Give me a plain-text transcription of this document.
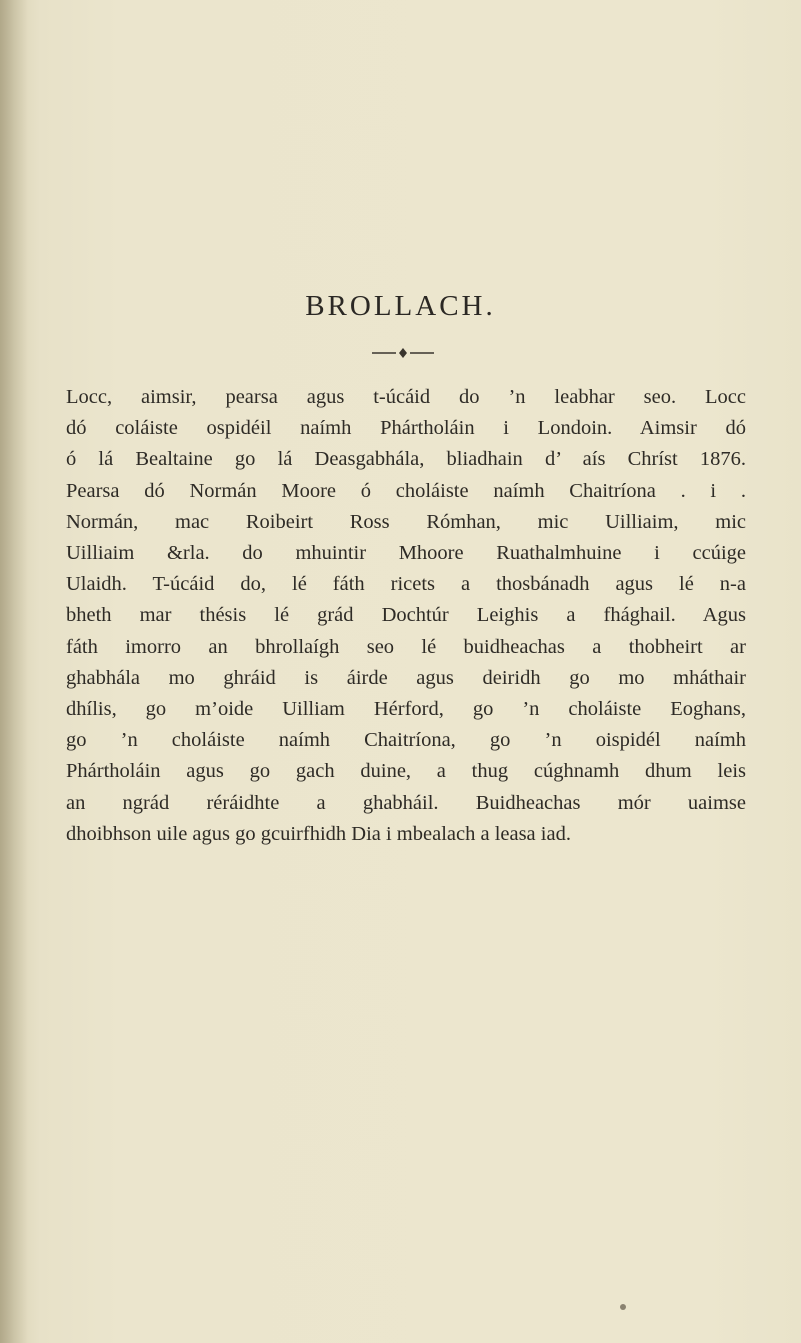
BROLLACH.
Locc, aimsir, pearsa agus t-úcáid do ’n leabhar seo. Locc
dó coláiste ospidéil naímh Phártholáin i Londoin. Aimsir dó
ó lá Bealtaine go lá Deasgabhála, bliadhain d’ aís Chríst 1876.
Pearsa dó Normán Moore ó choláiste naímh Chaitríona . i .
Normán, mac Roibeirt Ross Rómhan, mic Uilliaim, mic
Uilliaim &rla. do mhuintir Mhoore Ruathalmhuine i ccúige
Ulaidh. T-úcáid do, lé fáth ricets a thosbánadh agus lé n-a
bheth mar thésis lé grád Dochtúr Leighis a fhághail. Agus
fáth imorro an bhrollaígh seo lé buidheachas a thobheirt ar
ghabhála mo ghráid is áirde agus deiridh go mo mháthair
dhílis, go m’oide Uilliam Hérford, go ’n choláiste Eoghans,
go ’n choláiste naímh Chaitríona, go ’n oispidél naímh
Phártholáin agus go gach duine, a thug cúghnamh dhum leis
an ngrád réráidhte a ghabháil. Buidheachas mór uaimse
dhoibhson uile agus go gcuirfhidh Dia i mbealach a leasa iad.
